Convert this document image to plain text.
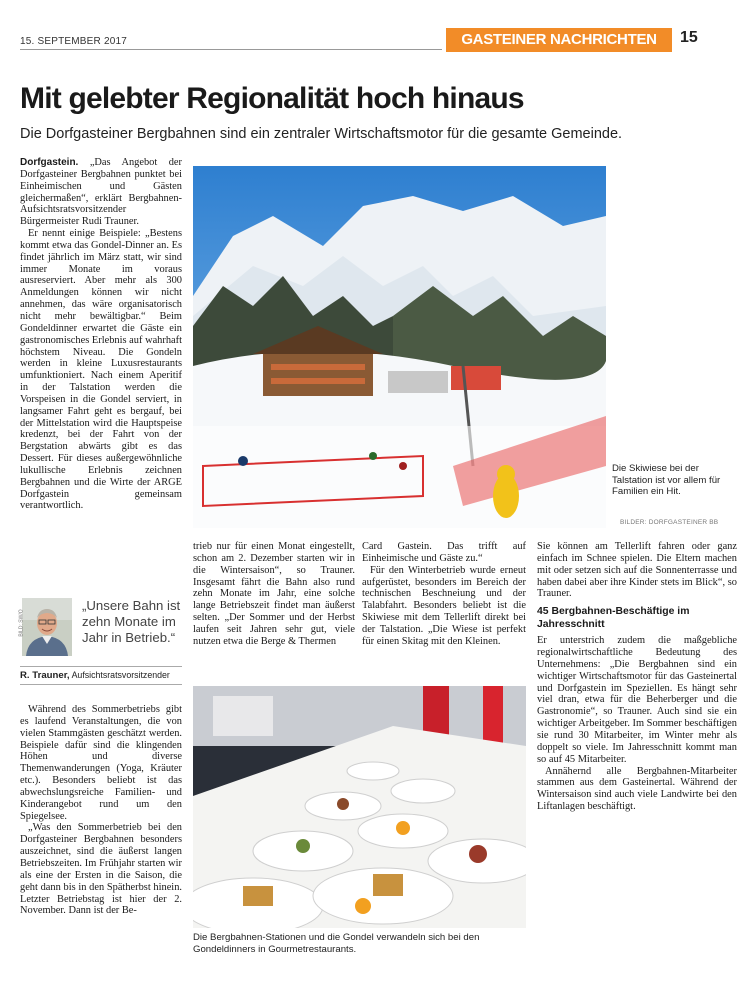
15. SEPTEMBER 2017	GASTEINER NACHRICHTEN	15
Mit gelebter Regionalität hoch hinaus
Die Dorfgasteiner Bergbahnen sind ein zentraler Wirtschaftsmotor für die gesamte Gemeinde.

Dorfgastein. „Das Angebot der Dorfgasteiner Bergbahnen punktet bei Einheimischen und Gästen gleichermaßen“, erklärt Bergbahnen-Aufsichtsratsvorsitzender Bürgermeister Rudi Trauner.

Er nennt einige Beispiele: „Bestens kommt etwa das Gondel-Dinner an. Es findet jährlich im März statt, wir sind immer Monate im voraus ausreserviert. Aber mehr als 300 Anmeldungen können wir nicht annehmen, das wäre organisatorisch nicht mehr bewältigbar.“ Beim Gondeldinner erwartet die Gäste ein gastronomisches Erlebnis auf wahrhaft höchstem Niveau. Die Gondeln werden in kleine Luxusrestaurants umfunktioniert. Nach einem Aperitif in der Talstation werden die Vorspeisen in die Gondel serviert, in langsamer Fahrt geht es bergauf, bei der Mittelstation wird die Hauptspeise kredenzt, bei der Fahrt von der Bergstation abwärts gibt es das Dessert. Für dieses außergewöhnliche lukullische Erlebnis zeichnen Bergbahnen und die Wirte der ARGE Dorfgastein gemeinsam verantwortlich.

BILD: SW/O
„Unsere Bahn ist zehn Monate im Jahr in Betrieb.“
R. Trauner, Aufsichtsratsvorsitzender

Während des Sommerbetriebs gibt es laufend Veranstaltungen, die von vielen Stammgästen geschätzt werden. Beispiele dafür sind die klingenden Höhen und diverse Themenwanderungen (Yoga, Kräuter etc.). Besonders beliebt ist das abwechslungsreiche Familien- und Kinderangebot rund um den Spiegelsee.

„Was den Sommerbetrieb bei den Dorfgasteiner Bergbahnen besonders auszeichnet, sind die äußerst langen Betriebszeiten. Im Frühjahr starten wir als eine der Ersten in die Saison, die geht dann bis in den Spätherbst hinein. Letzter Betriebstag ist hier der 2. November. Dann ist der Be-

Die Skiwiese bei der Talstation ist vor allem für Familien ein Hit.
BILDER: DORFGASTEINER BB

trieb nur für einen Monat eingestellt, schon am 2. Dezember starten wir in die Wintersaison“, so Trauner. Insgesamt fährt die Bahn also rund zehn Monate im Jahr, eine solche lange Betriebszeit findet man äußerst selten. „Der Sommer und der Herbst laufen seit Jahren sehr gut, viele nutzen etwa die Berge & Thermen

Card Gastein. Das trifft auf Einheimische und Gäste zu.“

Für den Winterbetrieb wurde erneut aufgerüstet, besonders im Bereich der technischen Beschneiung und der Talabfahrt. Besonders beliebt ist die Skiwiese mit dem Tellerlift direkt bei der Talstation. „Die Wiese ist perfekt für einen Skitag mit den Kleinen.

Sie können am Tellerlift fahren oder ganz einfach im Schnee spielen. Die Eltern machen mit oder setzen sich auf die Sonnenterrasse und haben dabei aber ihre Kinder stets im Blick“, so Trauner.

45 Bergbahnen-Beschäftige im Jahresschnitt

Er unterstrich zudem die maßgebliche regionalwirtschaftliche Bedeutung des Unternehmens: „Die Bergbahnen sind ein wichtiger Wirtschaftsmotor für das Gasteinertal und Dorfgastein im Speziellen. Es hängt sehr viel dran, etwa für die Beherberger und die Gastronomie“, so Trauner. Auch sind sie ein wichtiger Arbeitgeber. Im Sommer beschäftigen sie rund 30 Mitarbeiter, im Winter mehr als doppelt so viele. Im Jahresschnitt kommt man so auf 45 Mitarbeiter.

Annähernd alle Bergbahnen-Mitarbeiter stammen aus dem Gasteinertal. Während der Wintersaison sind auch viele Landwirte bei den Liftanlagen beschäftigt.

Die Bergbahnen-Stationen und die Gondel verwandeln sich bei den Gondeldinners in Gourmetrestaurants.
